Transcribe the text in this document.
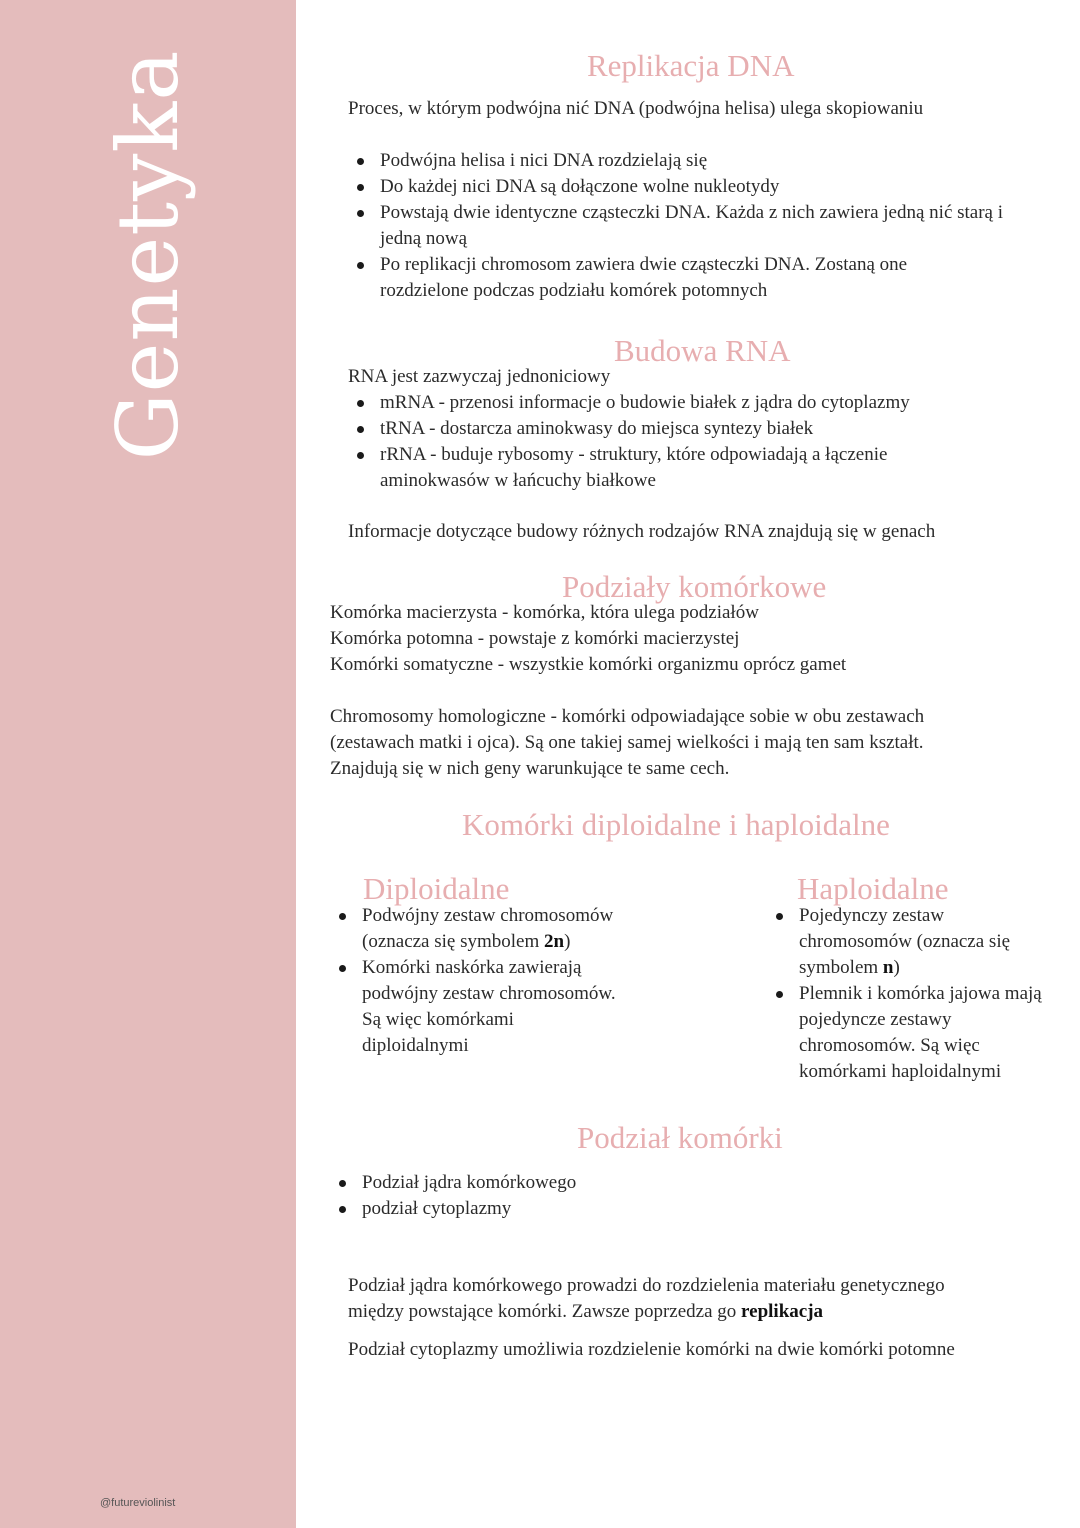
Genetyka
@futureviolinist
Replikacja DNA

Proces, w którym podwójna nić DNA (podwójna helisa) ulega skopiowaniu

Podwójna helisa i nici DNA rozdzielają się
Do każdej nici DNA są dołączone wolne nukleotydy
Powstają dwie identyczne cząsteczki DNA. Każda z nich zawiera jedną nić starą i jedną nową
Po replikacji chromosom zawiera dwie cząsteczki DNA. Zostaną one rozdzielone podczas podziału komórek potomnych
Budowa RNA

RNA jest zazwyczaj jednoniciowy

mRNA - przenosi informacje o budowie białek z jądra do cytoplazmy
tRNA - dostarcza aminokwasy do miejsca syntezy białek
rRNA - buduje rybosomy - struktury, które odpowiadają a łączenie aminokwasów w łańcuchy białkowe

Informacje dotyczące budowy różnych rodzajów RNA znajdują się w genach

Podziały komórkowe

Komórka macierzysta - komórka, która ulega podziałów

Komórka potomna - powstaje z komórki macierzystej

Komórki somatyczne - wszystkie komórki organizmu oprócz gamet

Chromosomy homologiczne - komórki odpowiadające sobie w obu zestawach

(zestawach matki i ojca). Są one takiej samej wielkości i mają ten sam kształt.

Znajdują się w nich geny warunkujące te same cech.

Komórki diploidalne i haploidalne
Diploidalne
Podwójny zestaw chromosomów (oznacza się symbolem 2n)
Komórki naskórka zawierają podwójny zestaw chromosomów. Są więc komórkami diploidalnymi
Haploidalne
Pojedynczy zestaw chromosomów (oznacza się symbolem n)
Plemnik i komórka jajowa mają pojedyncze zestawy chromosomów. Są więc komórkami haploidalnymi
Podział komórki
Podział jądra komórkowego
podział cytoplazmy

Podział jądra komórkowego prowadzi do rozdzielenia materiału genetycznego

między powstające komórki. Zawsze poprzedza go replikacja

Podział cytoplazmy umożliwia rozdzielenie komórki na dwie komórki potomne
